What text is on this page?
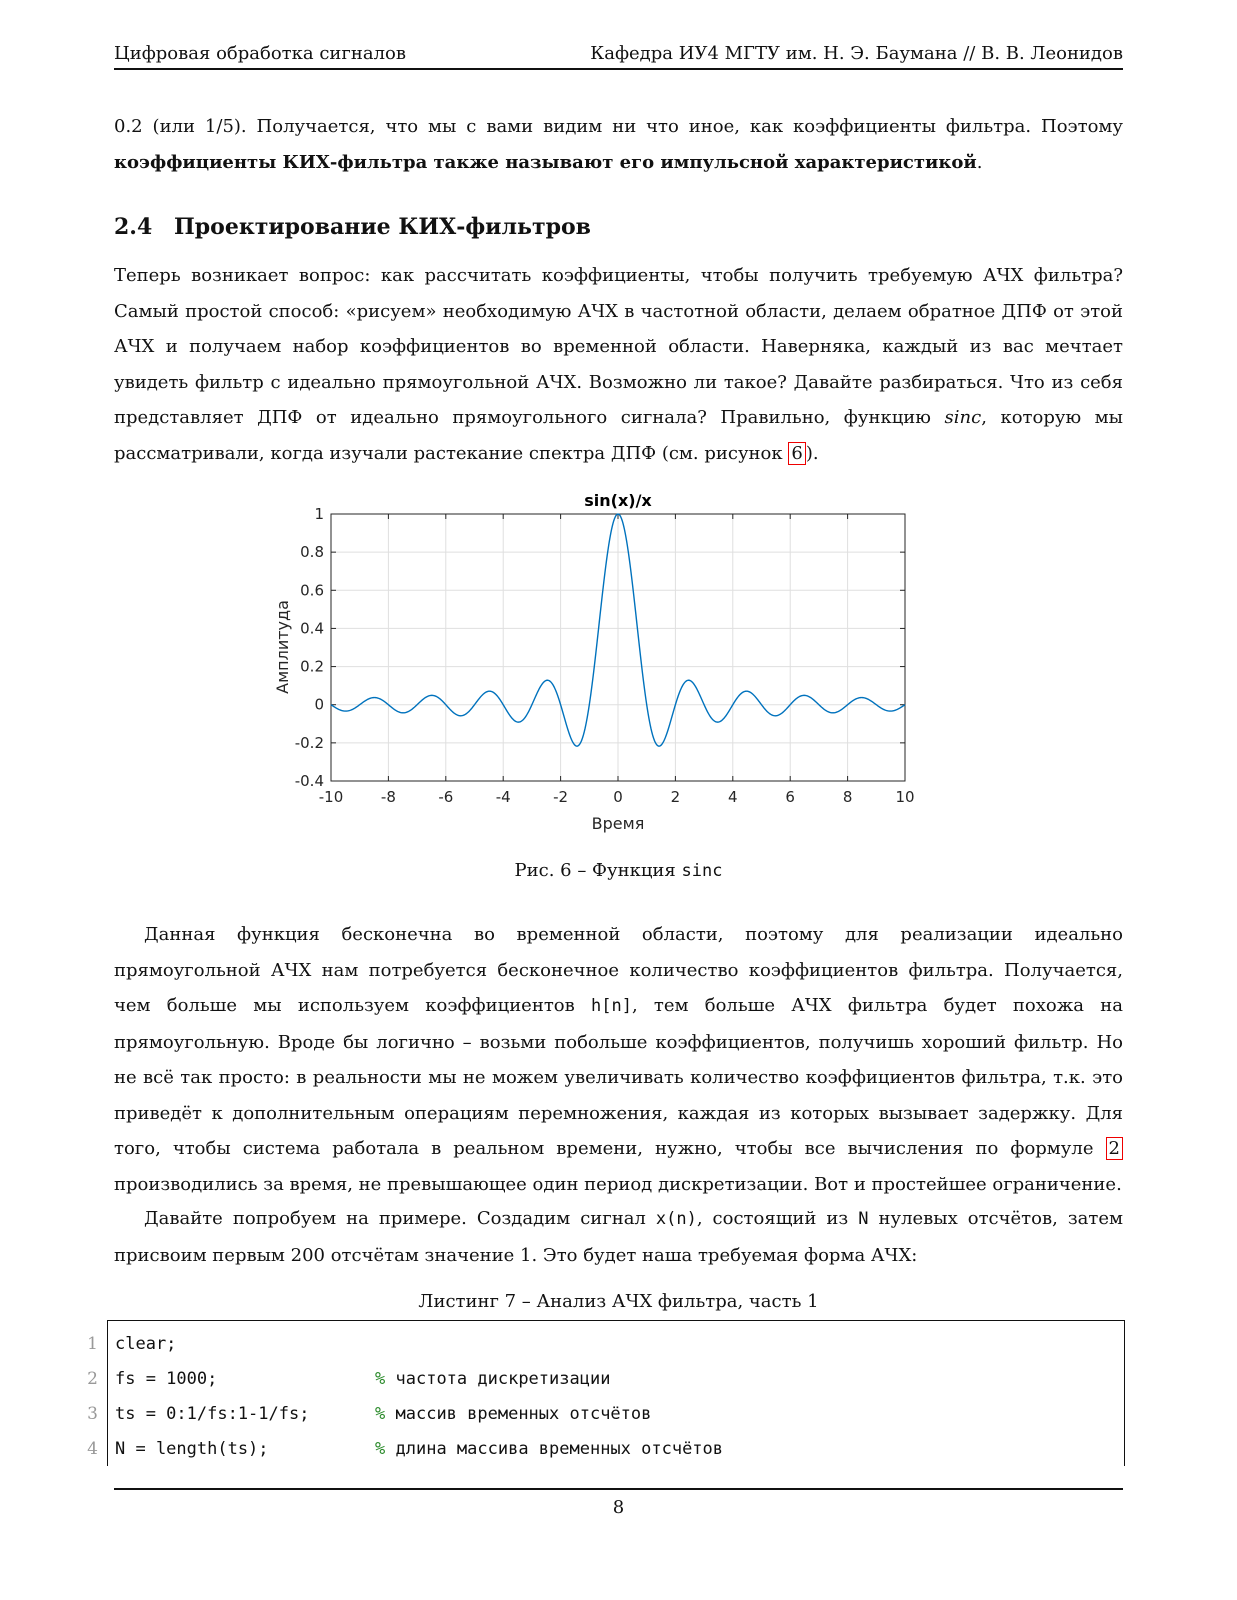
Цифровая обработка сигналов	Кафедра ИУ4 МГТУ им. Н. Э. Баумана // В. В. Леонидов

0.2 (или 1/5). Получается, что мы с вами видим ни что иное, как коэффициенты фильтра. Поэтому коэффициенты КИХ-фильтра также называют его импульсной характеристикой.

2.4 Проектирование КИХ-фильтров

Теперь возникает вопрос: как рассчитать коэффициенты, чтобы получить требуемую АЧХ фильтра? Самый простой способ: «рисуем» необходимую АЧХ в частотной области, делаем обратное ДПФ от этой АЧХ и получаем набор коэффициентов во временной области. Наверняка, каждый из вас мечтает увидеть фильтр с идеально прямоугольной АЧХ. Возможно ли такое? Давайте разбираться. Что из себя представляет ДПФ от идеально прямоугольного сигнала? Правильно, функцию sinc, которую мы рассматривали, когда изучали растекание спектра ДПФ (см. рисунок 6 ).

-10	-8	-6	-4	-2	0	2	4	6	8	10
-0.4
-0.2
0
0.2
0.4
0.6
0.8
1
sin(x)/x
Время
Амплитуда
Рис. 6 – Функция sinc

Данная функция бесконечна во временной области, поэтому для реализации идеально прямоугольной АЧХ нам потребуется бесконечное количество коэффициентов фильтра. Получается, чем больше мы используем коэффициентов h[n], тем больше АЧХ фильтра будет похожа на прямоугольную. Вроде бы логично – возьми побольше коэффициентов, получишь хороший фильтр. Но не всё так просто: в реальности мы не можем увеличивать количество коэффициентов фильтра, т.к. это приведёт к дополнительным операциям перемножения, каждая из которых вызывает задержку. Для того, чтобы система работала в реальном времени, нужно, чтобы все вычисления по формуле 2 производились за время, не превышающее один период дискретизации. Вот и простейшее ограничение.

Давайте попробуем на примере. Создадим сигнал x(n), состоящий из N нулевых отсчётов, затем присвоим первым 200 отсчётам значение 1. Это будет наша требуемая форма АЧХ:

Листинг 7 – Анализ АЧХ фильтра, часть 1
1 clear;
2 fs = 1000;	% частота дискретизации
3 ts = 0:1/fs:1-1/fs;	% массив временных отсчётов
4 N = length(ts);	% длина массива временных отсчётов
8
